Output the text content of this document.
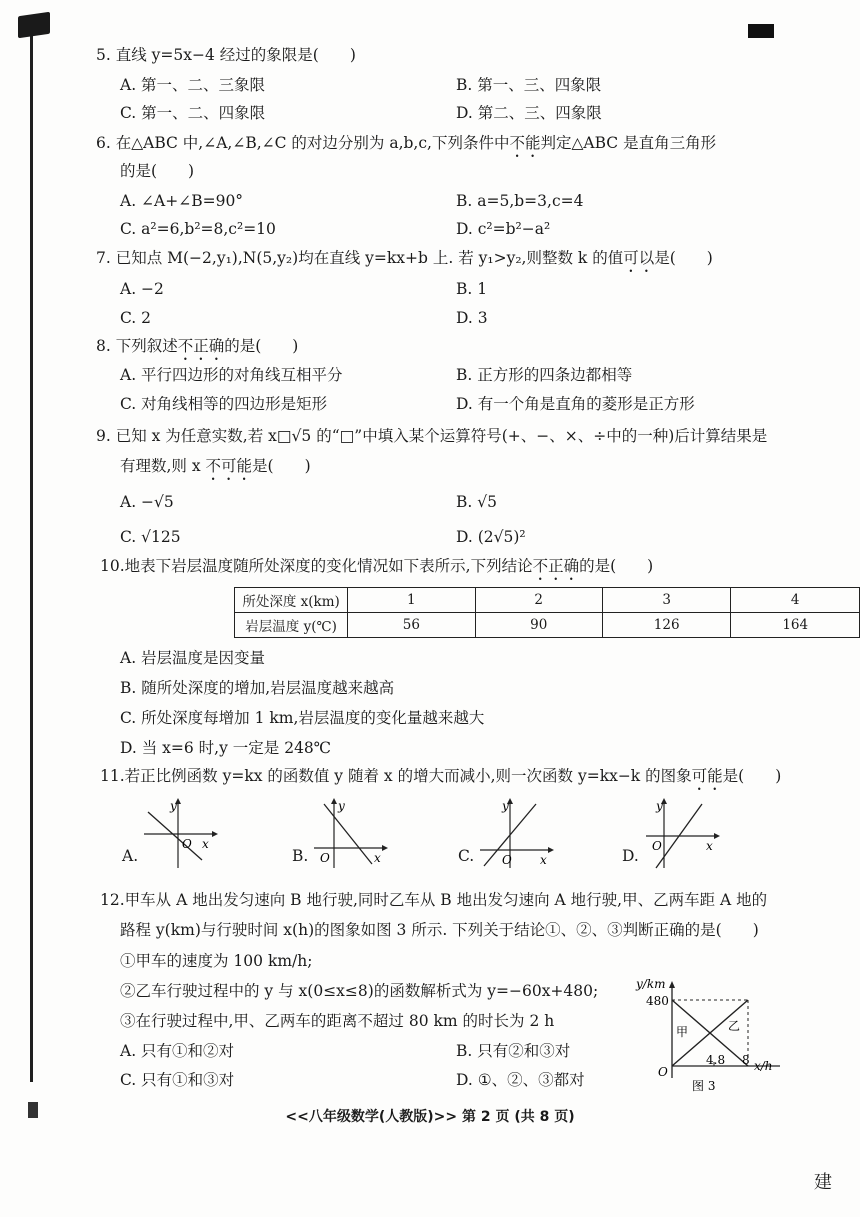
5. 直线 y=5x−4 经过的象限是(　　)
A. 第一、二、三象限	B. 第一、三、四象限
C. 第一、二、四象限	D. 第二、三、四象限
6. 在△ABC 中,∠A,∠B,∠C 的对边分别为 a,b,c,下列条件中不能判定△ABC 是直角三角形
的是(　　)
A. ∠A+∠B=90°	B. a=5,b=3,c=4
C. a²=6,b²=8,c²=10	D. c²=b²−a²
7. 已知点 M(−2,y₁),N(5,y₂)均在直线 y=kx+b 上. 若 y₁>y₂,则整数 k 的值可以是(　　)
A. −2	B. 1
C. 2	D. 3
8. 下列叙述不正确的是(　　)
A. 平行四边形的对角线互相平分	B. 正方形的四条边都相等
C. 对角线相等的四边形是矩形	D. 有一个角是直角的菱形是正方形
9. 已知 x 为任意实数,若 x□√5 的“□”中填入某个运算符号(+、−、×、÷中的一种)后计算结果是
有理数,则 x 不可能是(　　)
A. −√5	B. √5
C. √125	D. (2√5)²
10.地表下岩层温度随所处深度的变化情况如下表所示,下列结论不正确的是(　　)
所处深度 x(km)	1	2	3	4
岩层温度 y(℃)	56	90	126	164
A. 岩层温度是因变量
B. 随所处深度的增加,岩层温度越来越高
C. 所处深度每增加 1 km,岩层温度的变化量越来越大
D. 当 x=6 时,y 一定是 248℃
11.若正比例函数 y=kx 的函数值 y 随着 x 的增大而减小,则一次函数 y=kx−k 的图象可能是(　　)
A.
y
x
O
B.
y
x
O	C.
y
x
O	D.
y
x
O
12.甲车从 A 地出发匀速向 B 地行驶,同时乙车从 B 地出发匀速向 A 地行驶,甲、乙两车距 A 地的
路程 y(km)与行驶时间 x(h)的图象如图 3 所示. 下列关于结论①、②、③判断正确的是(　　)
①甲车的速度为 100 km/h;
②乙车行驶过程中的 y 与 x(0≤x≤8)的函数解析式为 y=−60x+480;
③在行驶过程中,甲、乙两车的距离不超过 80 km 的时长为 2 h
A. 只有①和②对	B. 只有②和③对
C. 只有①和③对	D. ①、②、③都对
y/km
480
甲	乙
4.8 8 x/h
O
图 3
<<八年级数学(人教版)>> 第 2 页 (共 8 页)
建
